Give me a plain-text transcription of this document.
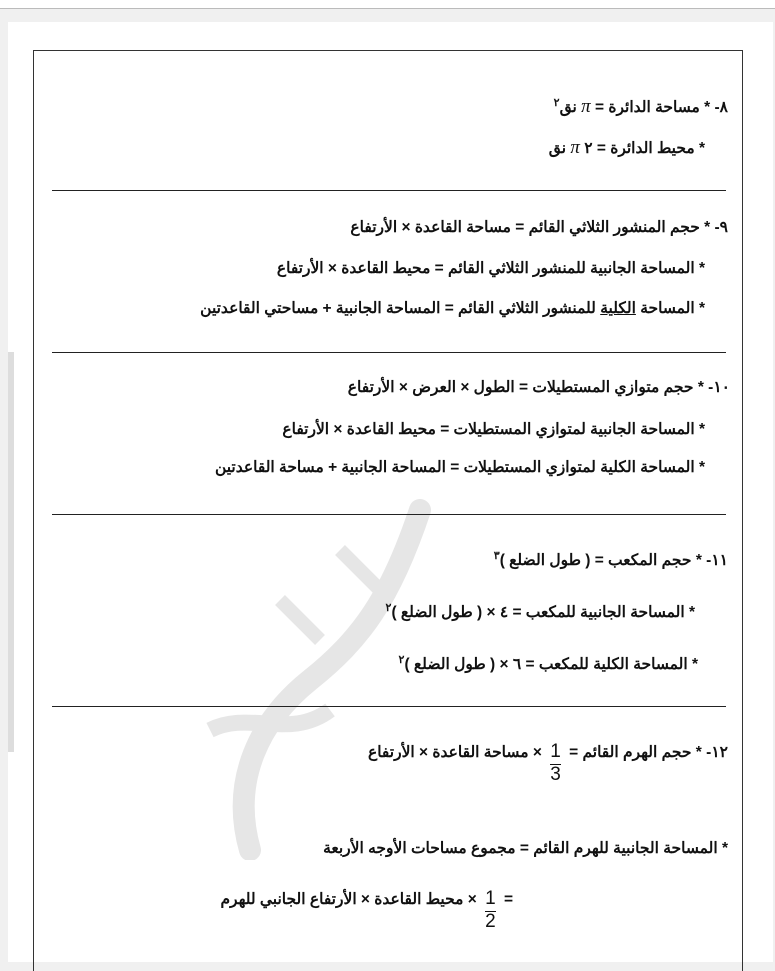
٨- * مساحة الدائرة = π نق$^٢$
* محيط الدائرة = ٢ π نق
٩- * حجم المنشور الثلاثي القائم = مساحة القاعدة × الأرتفاع
* المساحة الجانبية للمنشور الثلاثي القائم = محيط القاعدة × الأرتفاع
* المساحة الكلية للمنشور الثلاثي القائم = المساحة الجانبية + مساحتي القاعدتين
١٠- * حجم متوازي المستطيلات = الطول × العرض × الأرتفاع
* المساحة الجانبية لمتوازي المستطيلات = محيط القاعدة × الأرتفاع
* المساحة الكلية لمتوازي المستطيلات = المساحة الجانبية + مساحة القاعدتين
١١- * حجم المكعب = ( طول الضلع )$^٣$
* المساحة الجانبية للمكعب = ٤ × ( طول الضلع )$^٢$
* المساحة الكلية للمكعب = ٦ × ( طول الضلع )$^٢$
١٢- * حجم الهرم القائم =
$\frac{1}{3}$
× مساحة القاعدة × الأرتفاع
* المساحة الجانبية للهرم القائم = مجموع مساحات الأوجه الأربعة
=
$\frac{1}{2}$
× محيط القاعدة × الأرتفاع الجانبي للهرم
